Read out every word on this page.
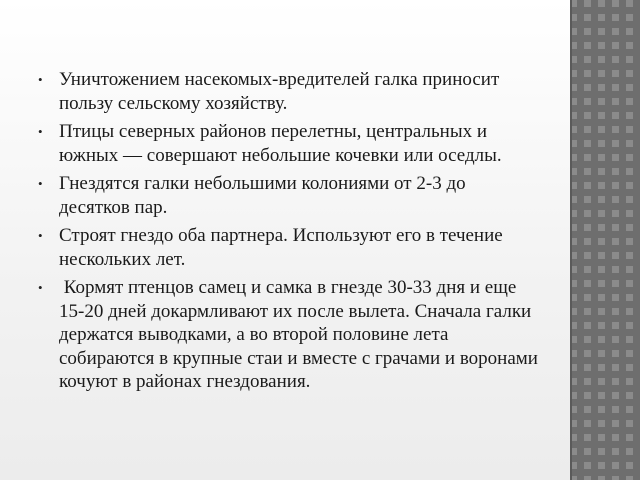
• Уничтожением насекомых-вредителей галка приносит пользу сельскому хозяйству.
• Птицы северных районов перелетны, центральных и южных — совершают небольшие кочевки или оседлы.
• Гнездятся галки небольшими колониями от 2-3 до десятков пар.
• Строят гнездо оба партнера. Используют его в течение нескольких лет.
• Кормят птенцов самец и самка в гнезде 30-33 дня и еще 15-20 дней докармливают их после вылета. Сначала галки держатся выводками, а во второй половине лета собираются в крупные стаи и вместе с грачами и воронами кочуют в районах гнездования.
